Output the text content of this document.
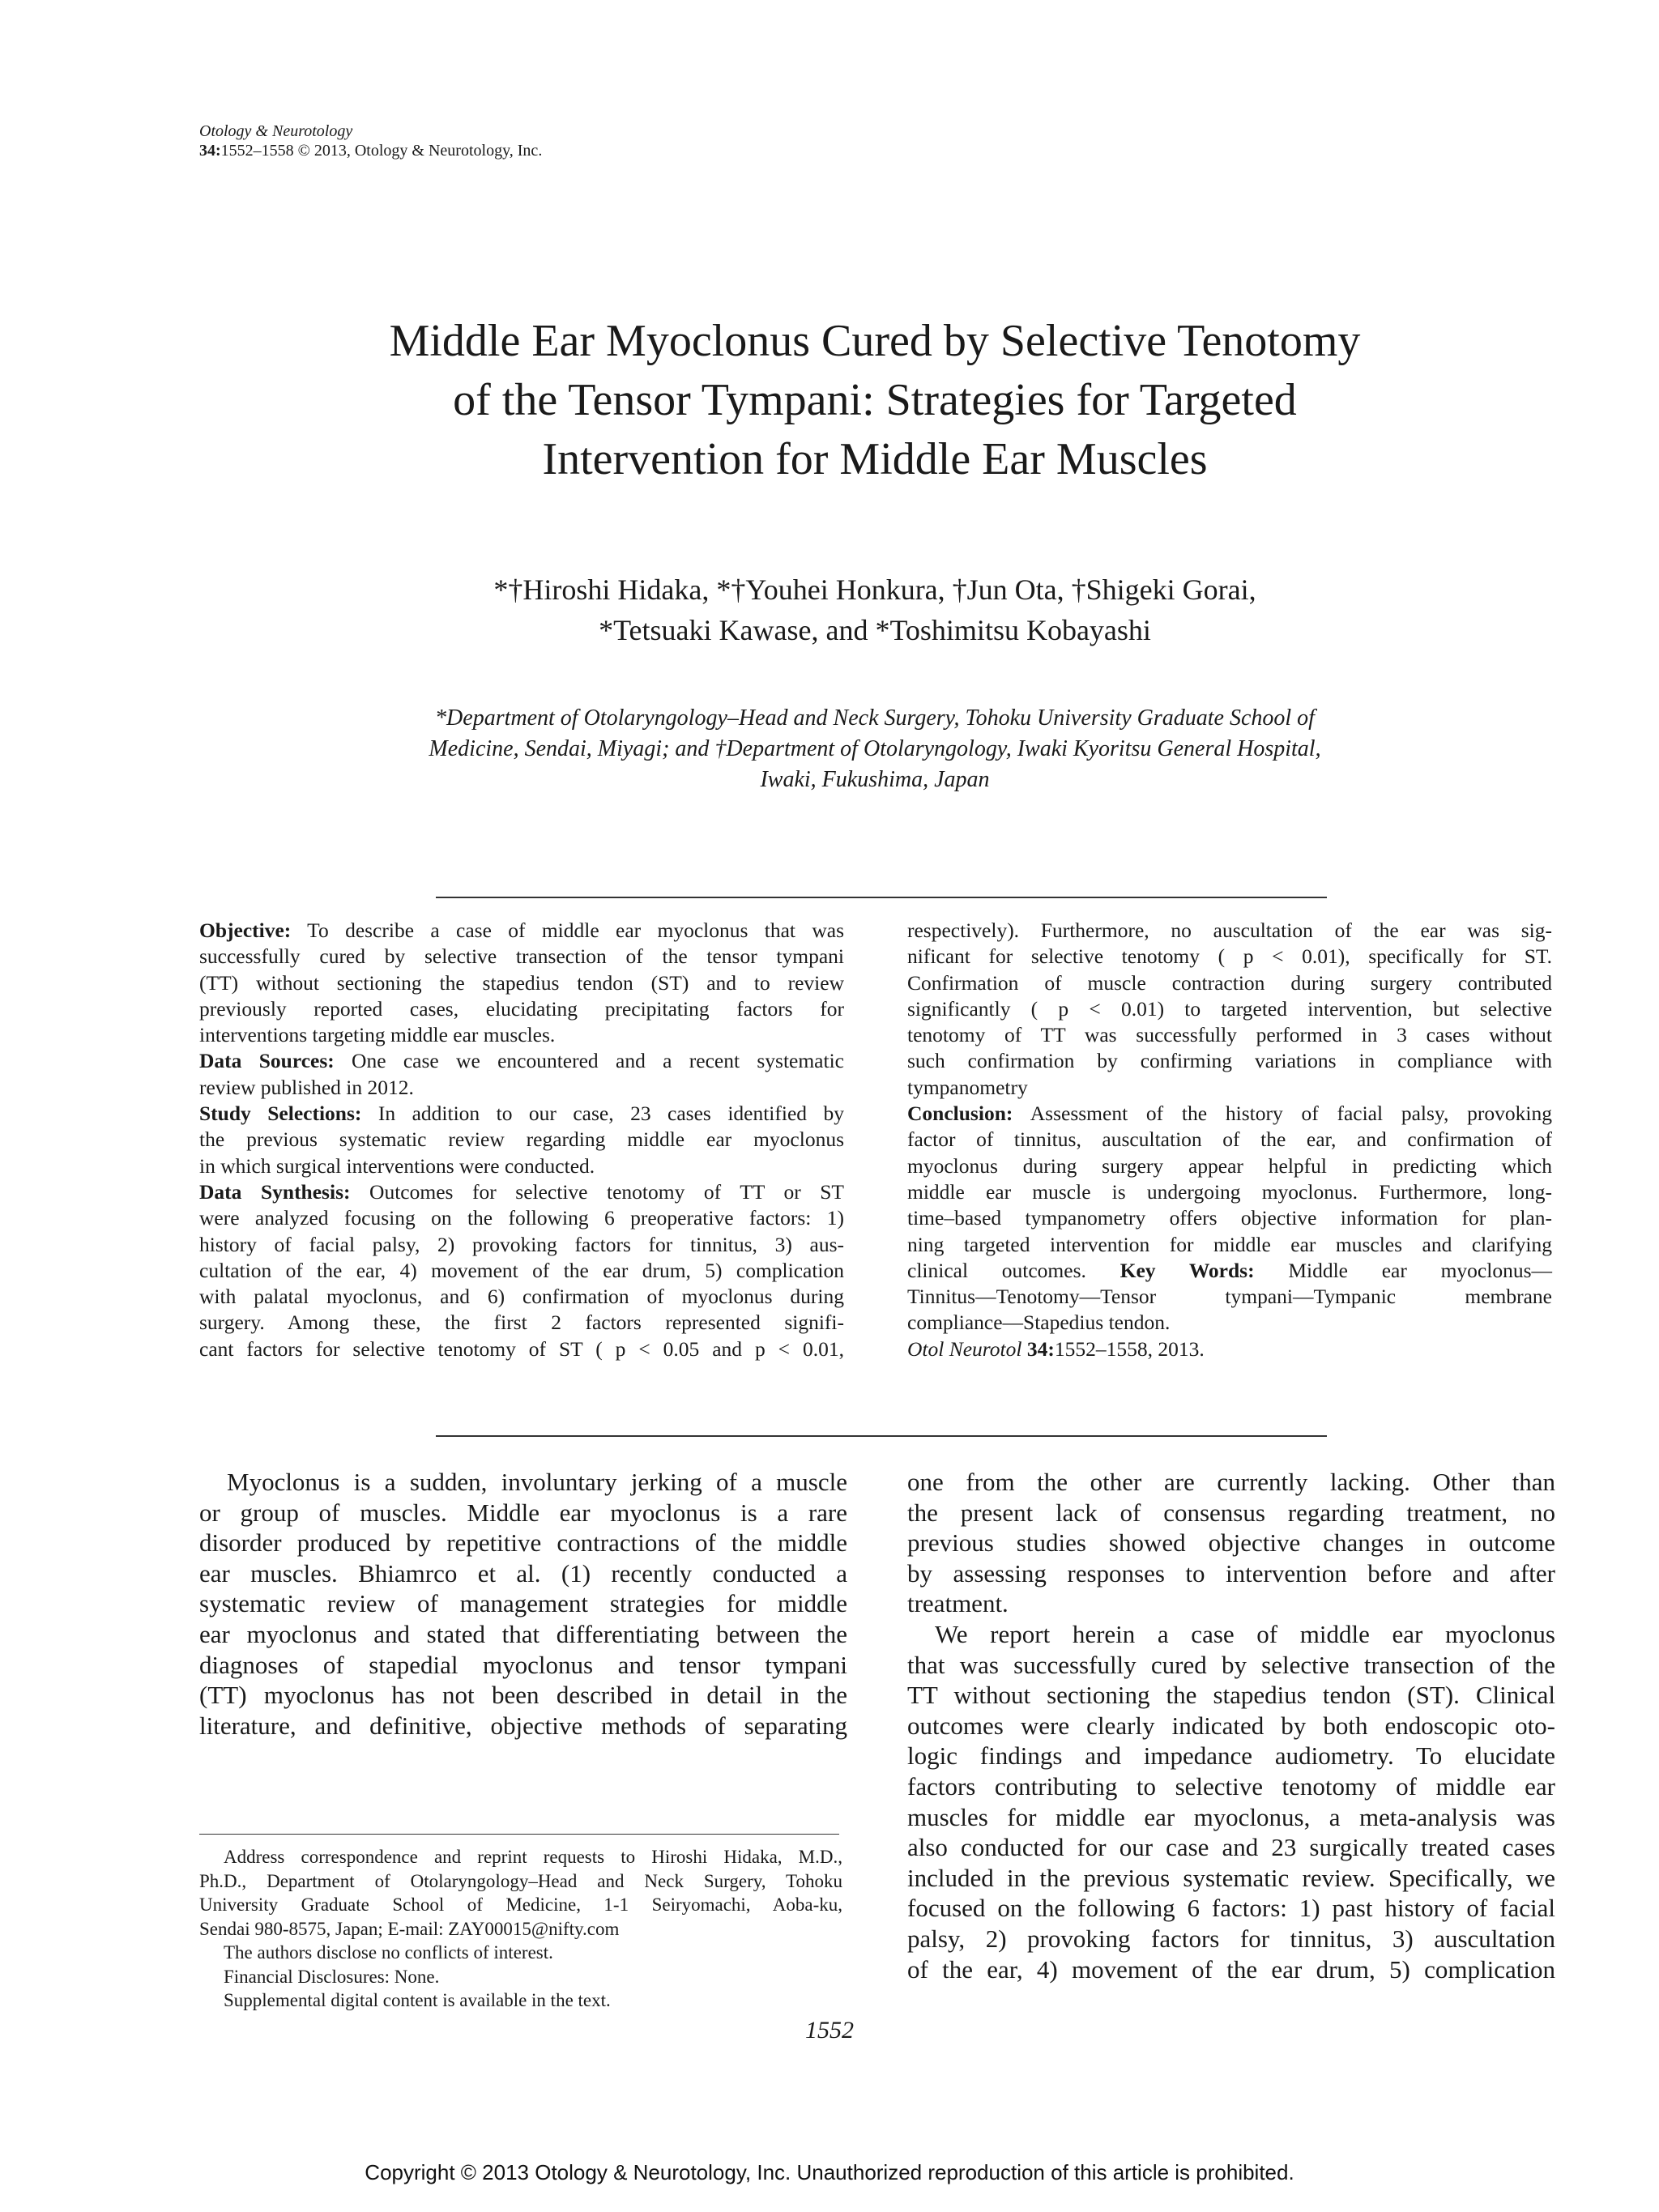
Otology & Neurotology
34:1552–1558 © 2013, Otology & Neurotology, Inc.
Middle Ear Myoclonus Cured by Selective Tenotomy
of the Tensor Tympani: Strategies for Targeted
Intervention for Middle Ear Muscles
*†Hiroshi Hidaka, *†Youhei Honkura, †Jun Ota, †Shigeki Gorai,
*Tetsuaki Kawase, and *Toshimitsu Kobayashi
*Department of Otolaryngology–Head and Neck Surgery, Tohoku University Graduate School of
Medicine, Sendai, Miyagi; and †Department of Otolaryngology, Iwaki Kyoritsu General Hospital,
Iwaki, Fukushima, Japan
Objective: To describe a case of middle ear myoclonus that was
successfully cured by selective transection of the tensor tympani
(TT) without sectioning the stapedius tendon (ST) and to review
previously reported cases, elucidating precipitating factors for
interventions targeting middle ear muscles.
Data Sources: One case we encountered and a recent systematic
review published in 2012.
Study Selections: In addition to our case, 23 cases identified by
the previous systematic review regarding middle ear myoclonus
in which surgical interventions were conducted.
Data Synthesis: Outcomes for selective tenotomy of TT or ST
were analyzed focusing on the following 6 preoperative factors: 1)
history of facial palsy, 2) provoking factors for tinnitus, 3) aus-
cultation of the ear, 4) movement of the ear drum, 5) complication
with palatal myoclonus, and 6) confirmation of myoclonus during
surgery. Among these, the first 2 factors represented signifi-
cant factors for selective tenotomy of ST ( p < 0.05 and p < 0.01,
respectively). Furthermore, no auscultation of the ear was sig-
nificant for selective tenotomy ( p < 0.01), specifically for ST.
Confirmation of muscle contraction during surgery contributed
significantly ( p < 0.01) to targeted intervention, but selective
tenotomy of TT was successfully performed in 3 cases without
such confirmation by confirming variations in compliance with
tympanometry
Conclusion: Assessment of the history of facial palsy, provoking
factor of tinnitus, auscultation of the ear, and confirmation of
myoclonus during surgery appear helpful in predicting which
middle ear muscle is undergoing myoclonus. Furthermore, long-
time–based tympanometry offers objective information for plan-
ning targeted intervention for middle ear muscles and clarifying
clinical outcomes. Key Words: Middle ear myoclonus—
Tinnitus—Tenotomy—Tensor tympani—Tympanic membrane
compliance—Stapedius tendon.
Otol Neurotol 34:1552–1558, 2013.
Myoclonus is a sudden, involuntary jerking of a muscle
or group of muscles. Middle ear myoclonus is a rare
disorder produced by repetitive contractions of the middle
ear muscles. Bhiamrco et al. (1) recently conducted a
systematic review of management strategies for middle
ear myoclonus and stated that differentiating between the
diagnoses of stapedial myoclonus and tensor tympani
(TT) myoclonus has not been described in detail in the
literature, and definitive, objective methods of separating
Address correspondence and reprint requests to Hiroshi Hidaka, M.D.,
Ph.D., Department of Otolaryngology–Head and Neck Surgery, Tohoku
University Graduate School of Medicine, 1-1 Seiryomachi, Aoba-ku,
Sendai 980-8575, Japan; E-mail: ZAY00015@nifty.com
The authors disclose no conflicts of interest.
Financial Disclosures: None.
Supplemental digital content is available in the text.
one from the other are currently lacking. Other than
the present lack of consensus regarding treatment, no
previous studies showed objective changes in outcome
by assessing responses to intervention before and after
treatment.
We report herein a case of middle ear myoclonus
that was successfully cured by selective transection of the
TT without sectioning the stapedius tendon (ST). Clinical
outcomes were clearly indicated by both endoscopic oto-
logic findings and impedance audiometry. To elucidate
factors contributing to selective tenotomy of middle ear
muscles for middle ear myoclonus, a meta-analysis was
also conducted for our case and 23 surgically treated cases
included in the previous systematic review. Specifically, we
focused on the following 6 factors: 1) past history of facial
palsy, 2) provoking factors for tinnitus, 3) auscultation
of the ear, 4) movement of the ear drum, 5) complication
1552
Copyright © 2013 Otology & Neurotology, Inc. Unauthorized reproduction of this article is prohibited.
